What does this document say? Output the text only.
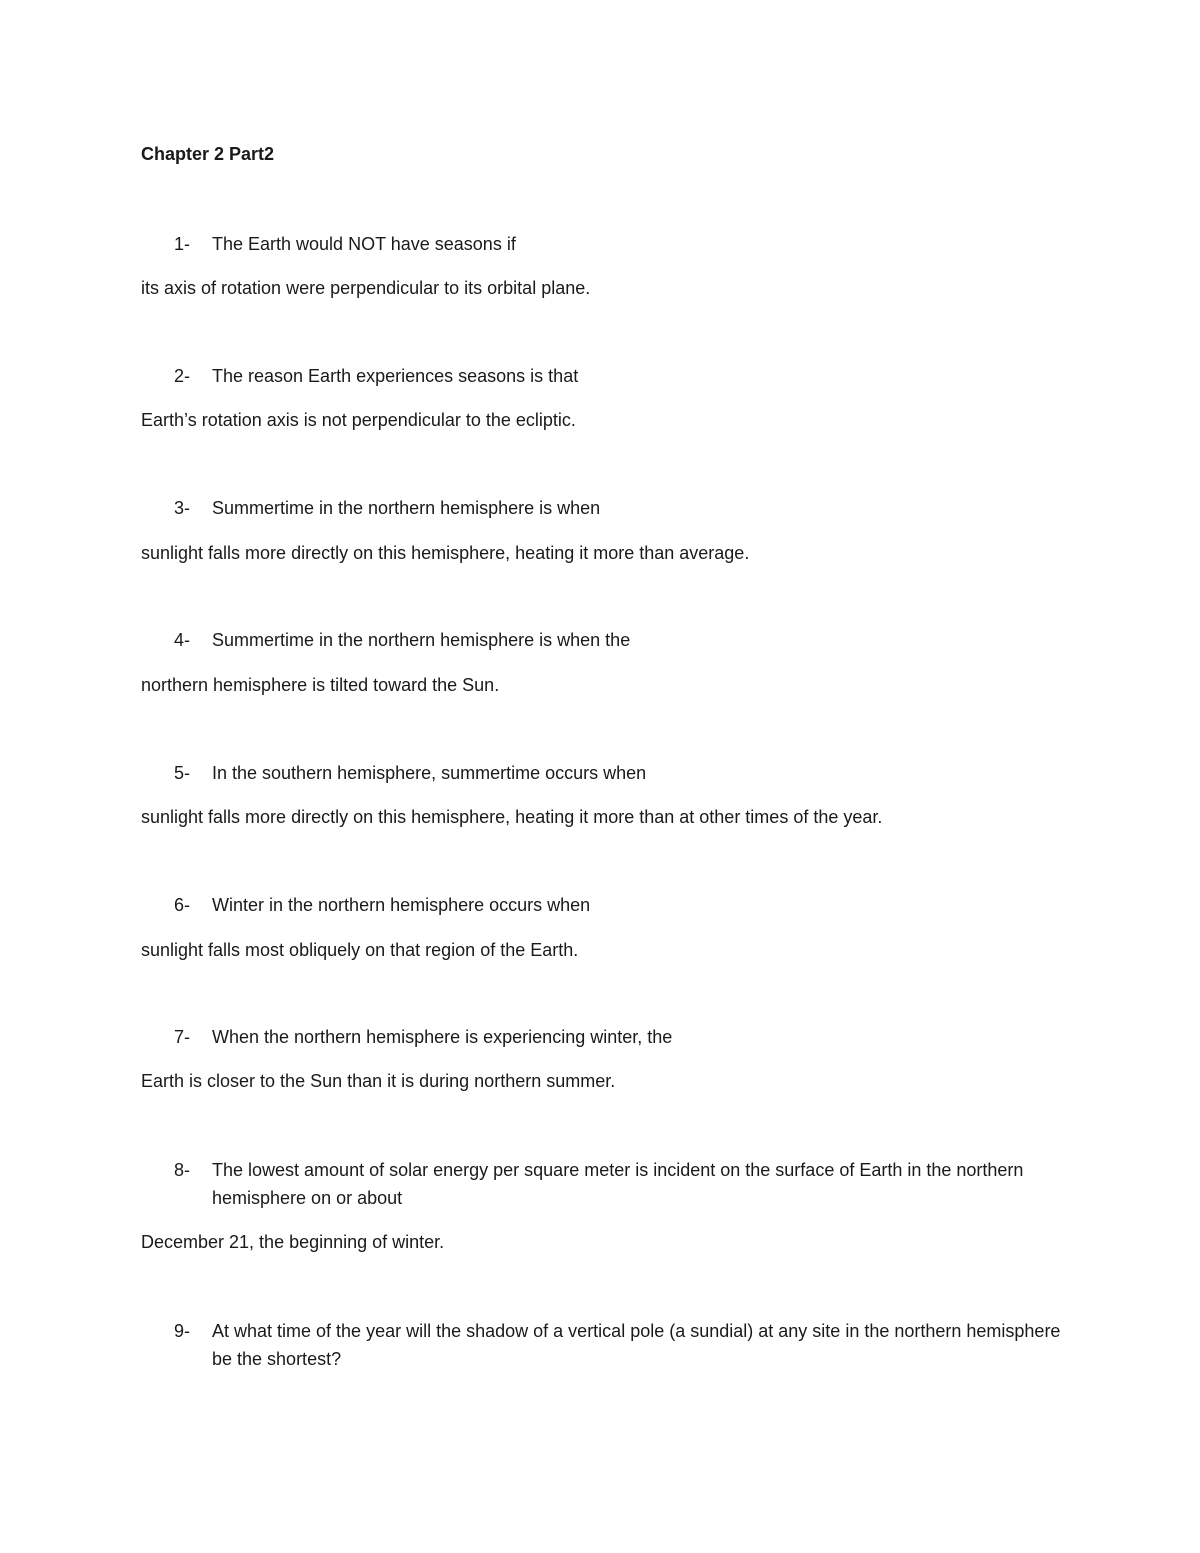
Chapter 2 Part2
1-	The Earth would NOT have seasons if
its axis of rotation were perpendicular to its orbital plane.
2-	The reason Earth experiences seasons is that
Earth’s rotation axis is not perpendicular to the ecliptic.
3-	Summertime in the northern hemisphere is when
sunlight falls more directly on this hemisphere, heating it more than average.
4-	Summertime in the northern hemisphere is when the
northern hemisphere is tilted toward the Sun.
5-	In the southern hemisphere, summertime occurs when
sunlight falls more directly on this hemisphere, heating it more than at other times of the year.
6-	Winter in the northern hemisphere occurs when
sunlight falls most obliquely on that region of the Earth.
7-	When the northern hemisphere is experiencing winter, the
Earth is closer to the Sun than it is during northern summer.
8-	The lowest amount of solar energy per square meter is incident on the surface of Earth in the northern hemisphere on or about
December 21, the beginning of winter.
9-	At what time of the year will the shadow of a vertical pole (a sundial) at any site in the northern hemisphere be the shortest?
